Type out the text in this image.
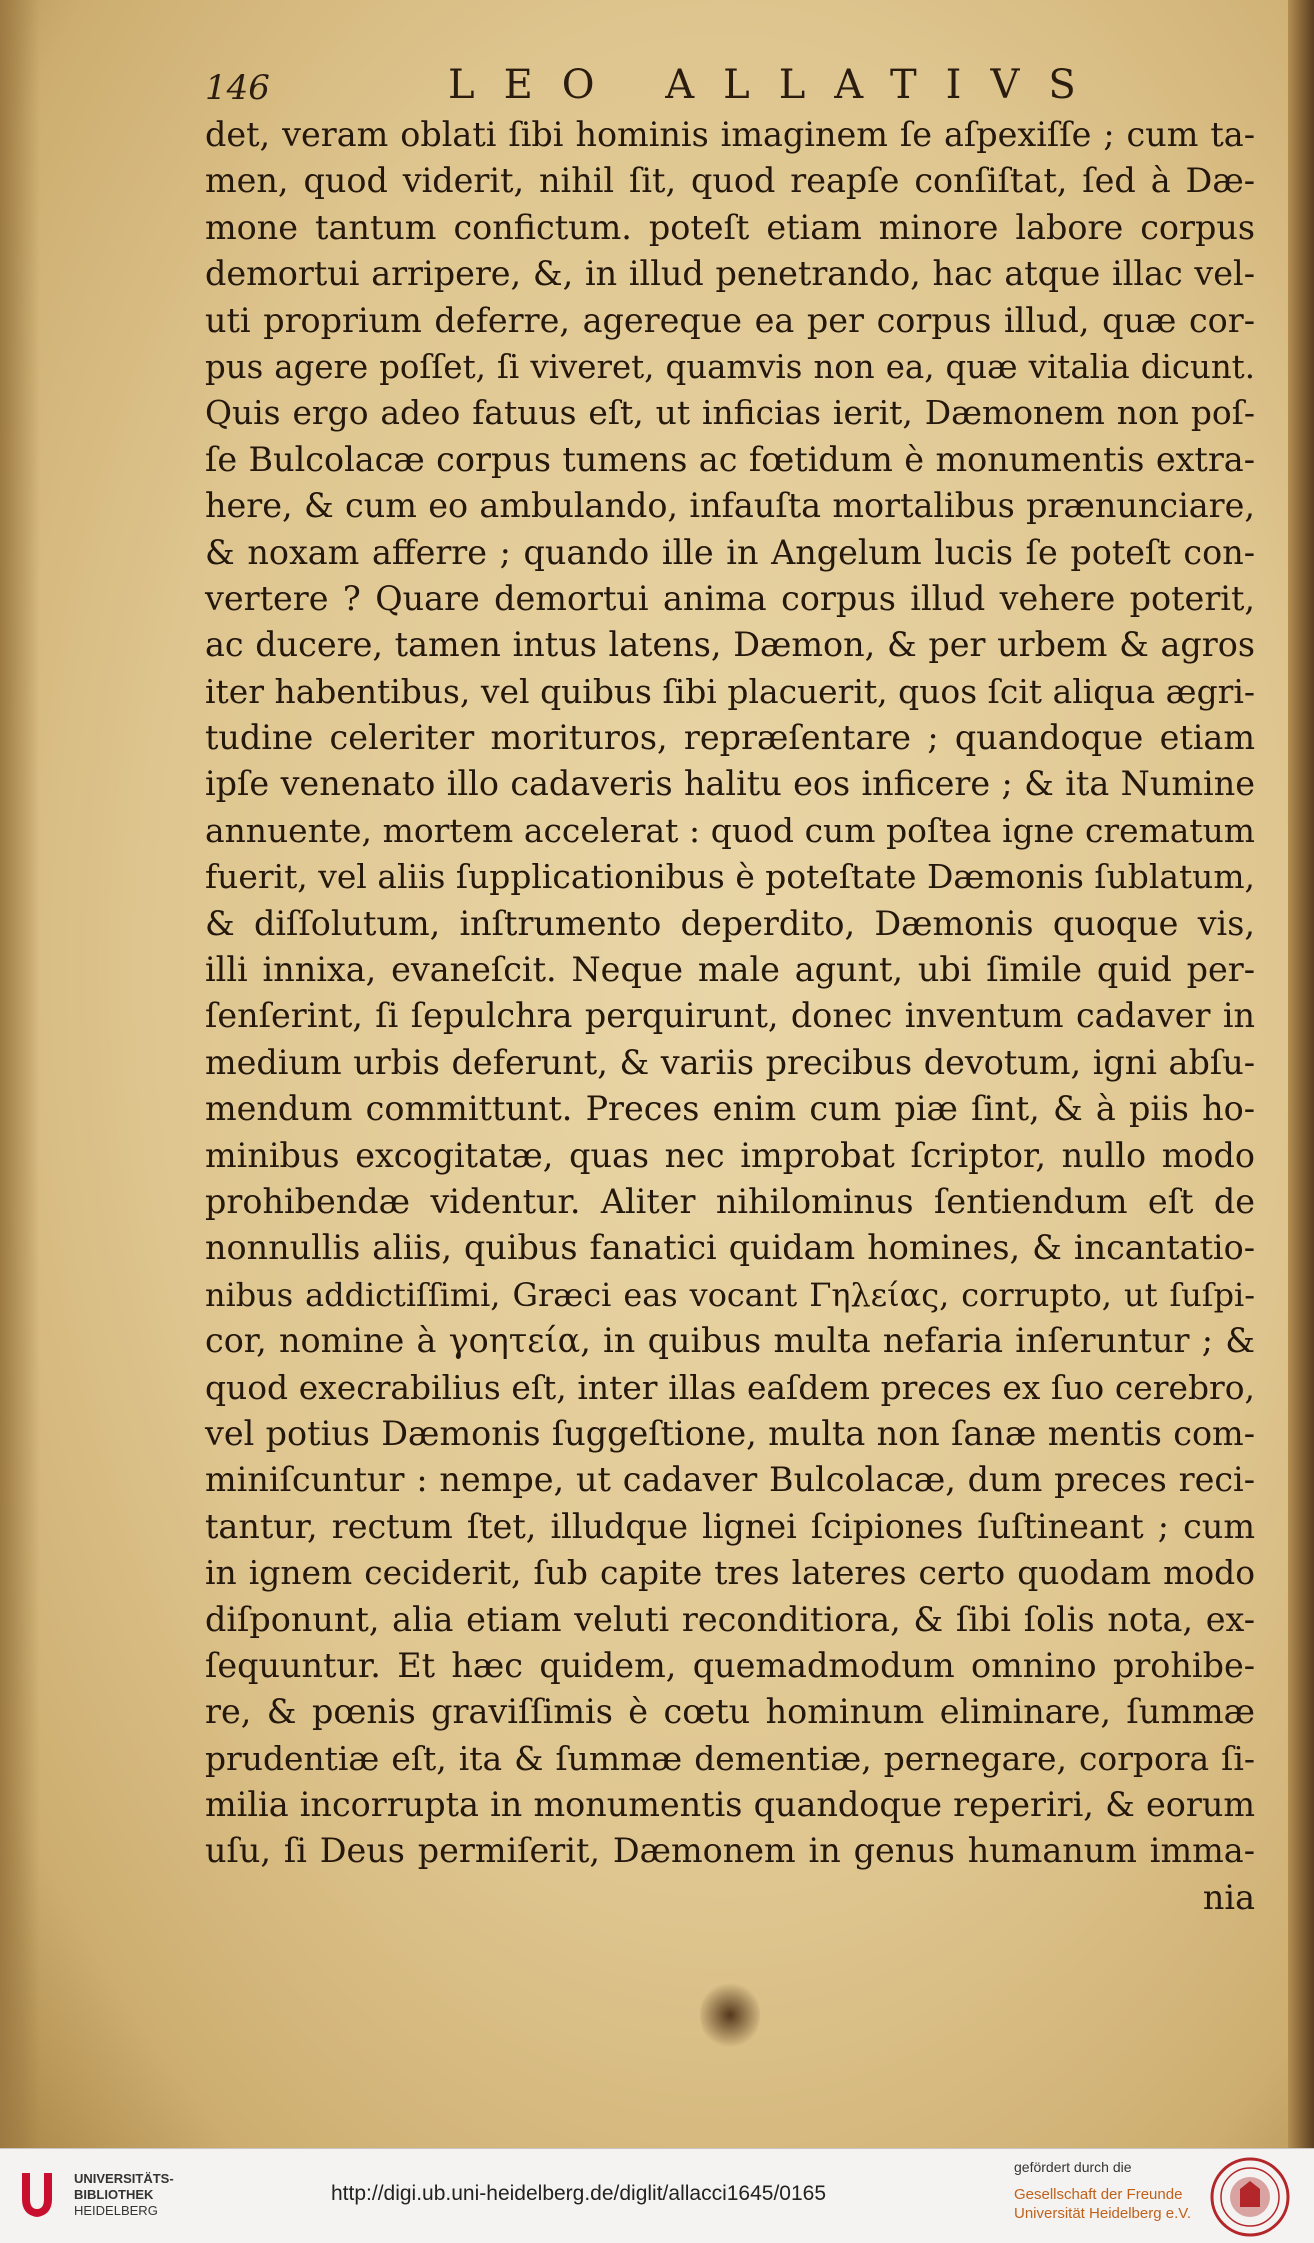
146	LEO ALLATIVS
det, veram oblati ſibi hominis imaginem ſe aſpexiſſe ; cum ta-
men, quod viderit, nihil ſit, quod reapſe conſiſtat, ſed à Dæ-
mone tantum confictum. poteſt etiam minore labore corpus
demortui arripere, &, in illud penetrando, hac atque illac vel-
uti proprium deferre, agereque ea per corpus illud, quæ cor-
pus agere poſſet, ſi viveret, quamvis non ea, quæ vitalia dicunt.
Quis ergo adeo fatuus eſt, ut inficias ierit, Dæmonem non poſ-
ſe Bulcolacæ corpus tumens ac fœtidum è monumentis extra-
here, & cum eo ambulando, infauſta mortalibus prænunciare,
& noxam afferre ; quando ille in Angelum lucis ſe poteſt con-
vertere ? Quare demortui anima corpus illud vehere poterit,
ac ducere, tamen intus latens, Dæmon, & per urbem & agros
iter habentibus, vel quibus ſibi placuerit, quos ſcit aliqua ægri-
tudine celeriter morituros, repræſentare ; quandoque etiam
ipſe venenato illo cadaveris halitu eos inficere ; & ita Numine
annuente, mortem accelerat : quod cum poſtea igne crematum
fuerit, vel aliis ſupplicationibus è poteſtate Dæmonis ſublatum,
& diſſolutum, inſtrumento deperdito, Dæmonis quoque vis,
illi innixa, evaneſcit. Neque male agunt, ubi ſimile quid per-
ſenſerint, ſi ſepulchra perquirunt, donec inventum cadaver in
medium urbis deferunt, & variis precibus devotum, igni abſu-
mendum committunt. Preces enim cum piæ ſint, & à piis ho-
minibus excogitatæ, quas nec improbat ſcriptor, nullo modo
prohibendæ videntur. Aliter nihilominus ſentiendum eſt de
nonnullis aliis, quibus fanatici quidam homines, & incantatio-
nibus addictiſſimi, Græci eas vocant Γηλείας, corrupto, ut ſuſpi-
cor, nomine à γοητεία, in quibus multa nefaria inſeruntur ; &
quod execrabilius eſt, inter illas eaſdem preces ex ſuo cerebro,
vel potius Dæmonis ſuggeſtione, multa non ſanæ mentis com-
miniſcuntur : nempe, ut cadaver Bulcolacæ, dum preces reci-
tantur, rectum ſtet, illudque lignei ſcipiones ſuſtineant ; cum
in ignem ceciderit, ſub capite tres lateres certo quodam modo
diſponunt, alia etiam veluti reconditiora, & ſibi ſolis nota, ex-
ſequuntur. Et hæc quidem, quemadmodum omnino prohibe-
re, & pœnis graviſſimis è cœtu hominum eliminare, ſummæ
prudentiæ eſt, ita & ſummæ dementiæ, pernegare, corpora ſi-
milia incorrupta in monumentis quandoque reperiri, & eorum
uſu, ſi Deus permiſerit, Dæmonem in genus humanum imma-
nia
UNIVERSITÄTS-
BIBLIOTHEK
HEIDELBERG
http://digi.ub.uni-heidelberg.de/diglit/allacci1645/0165
gefördert durch die
Gesellschaft der Freunde
Universität Heidelberg e.V.
